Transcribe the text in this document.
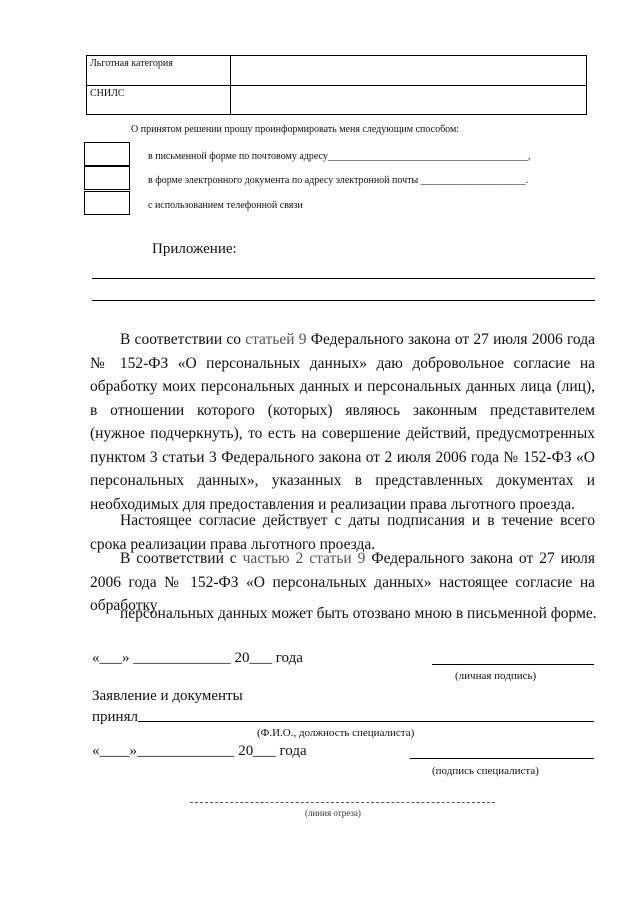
Льготная категория
СНИЛС
О принятом решении прошу проинформировать меня следующим способом:
в письменной форме по почтовому адресу________________________________________,
в форме электронного документа по адресу электронной почты _____________________.
с использованием телефонной связи
Приложение:
В соответствии со статьей 9 Федерального закона от 27 июля 2006 года № 152-ФЗ «О персональных данных» даю добровольное согласие на обработку моих персональных данных и персональных данных лица (лиц), в отношении которого (которых) являюсь законным представителем (нужное подчеркнуть), то есть на совершение действий, предусмотренных пунктом 3 статьи 3 Федерального закона от 2 июля 2006 года № 152-ФЗ «О персональных данных», указанных в представленных документах и необходимых для предоставления и реализации права льготного проезда.
Настоящее согласие действует с даты подписания и в течение всего срока реализации права льготного проезда.
В соответствии с частью 2 статьи 9 Федерального закона от 27 июля 2006 года № 152-ФЗ «О персональных данных» настоящее согласие на обработку
персональных данных может быть отозвано мною в письменной форме.
«___» _____________ 20___ года
(личная подпись)
Заявление и документы
принял
(Ф.И.О., должность специалиста)
«____»_____________ 20___ года
(подпись специалиста)
(линия отреза)
